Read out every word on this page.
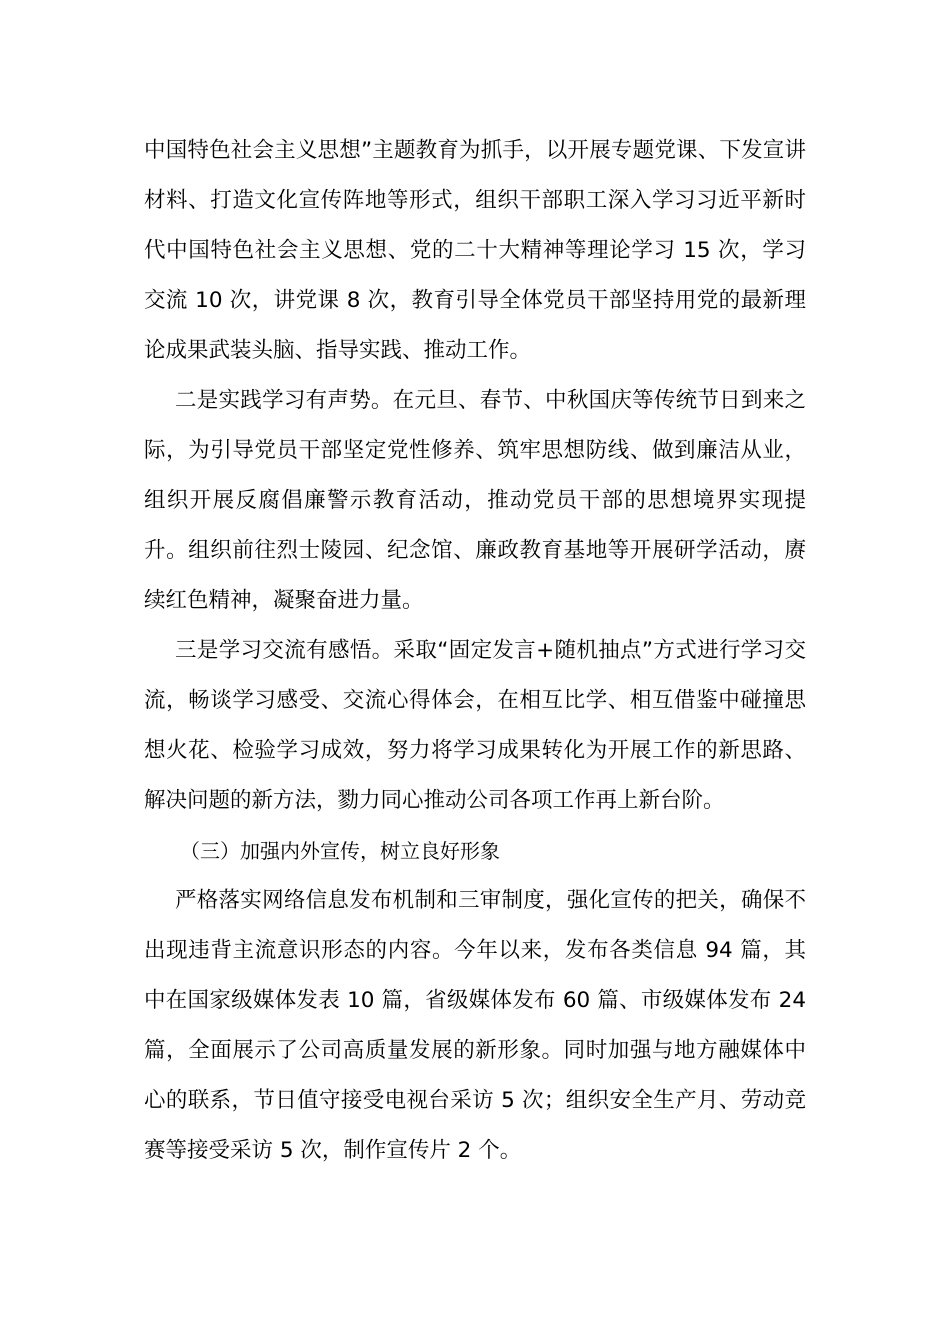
中国特色社会主义思想”主题教育为抓手，以开展专题党课、下发宣讲材料、打造文化宣传阵地等形式，组织干部职工深入学习习近平新时代中国特色社会主义思想、党的二十大精神等理论学习 15 次，学习交流 10 次，讲党课 8 次，教育引导全体党员干部坚持用党的最新理论成果武装头脑、指导实践、推动工作。

二是实践学习有声势。在元旦、春节、中秋国庆等传统节日到来之际，为引导党员干部坚定党性修养、筑牢思想防线、做到廉洁从业，组织开展反腐倡廉警示教育活动，推动党员干部的思想境界实现提升。组织前往烈士陵园、纪念馆、廉政教育基地等开展研学活动，赓续红色精神，凝聚奋进力量。

三是学习交流有感悟。采取“固定发言+随机抽点”方式进行学习交流，畅谈学习感受、交流心得体会，在相互比学、相互借鉴中碰撞思想火花、检验学习成效，努力将学习成果转化为开展工作的新思路、解决问题的新方法，勠力同心推动公司各项工作再上新台阶。

（三）加强内外宣传，树立良好形象

严格落实网络信息发布机制和三审制度，强化宣传的把关，确保不出现违背主流意识形态的内容。今年以来，发布各类信息 94 篇，其中在国家级媒体发表 10 篇，省级媒体发布 60 篇、市级媒体发布 24 篇，全面展示了公司高质量发展的新形象。同时加强与地方融媒体中心的联系，节日值守接受电视台采访 5 次；组织安全生产月、劳动竞赛等接受采访 5 次，制作宣传片 2 个。
